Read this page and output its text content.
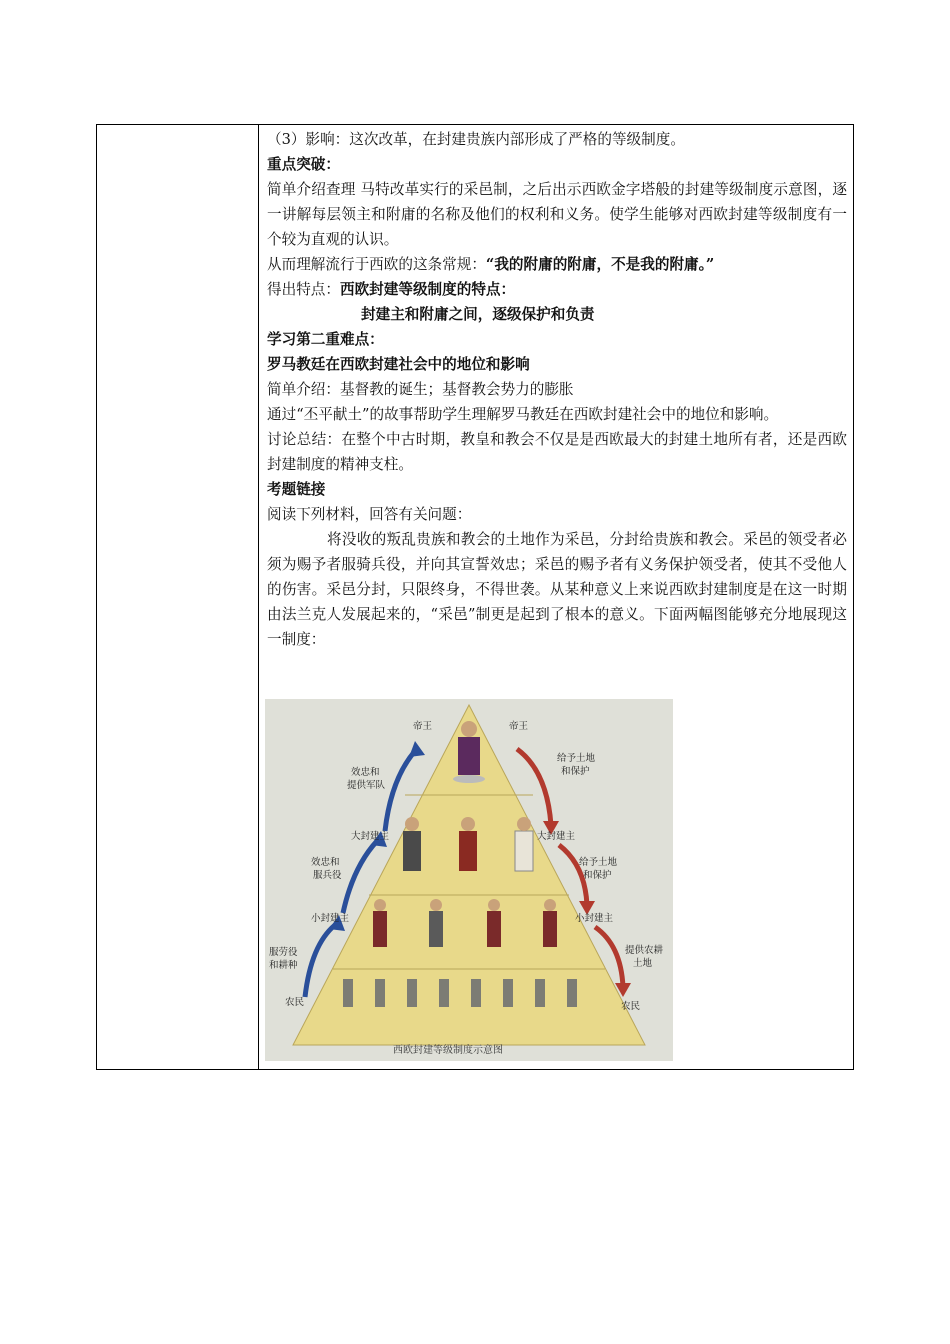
（3）影响：这次改革，在封建贵族内部形成了严格的等级制度。

重点突破：

简单介绍查理 马特改革实行的采邑制，之后出示西欧金字塔般的封建等级制度示意图，逐一讲解每层领主和附庸的名称及他们的权利和义务。使学生能够对西欧封建等级制度有一个较为直观的认识。

从而理解流行于西欧的这条常规：“我的附庸的附庸，不是我的附庸。”

得出特点：西欧封建等级制度的特点：

封建主和附庸之间，逐级保护和负责

学习第二重难点：

罗马教廷在西欧封建社会中的地位和影响

简单介绍：基督教的诞生；基督教会势力的膨胀

通过“丕平献土”的故事帮助学生理解罗马教廷在西欧封建社会中的地位和影响。

讨论总结：在整个中古时期，教皇和教会不仅是是西欧最大的封建土地所有者，还是西欧封建制度的精神支柱。

考题链接

阅读下列材料，回答有关问题：

将没收的叛乱贵族和教会的土地作为采邑，分封给贵族和教会。采邑的领受者必须为赐予者服骑兵役，并向其宣誓效忠；采邑的赐予者有义务保护领受者，使其不受他人的伤害。采邑分封，只限终身，不得世袭。从某种意义上来说西欧封建制度是在这一时期由法兰克人发展起来的，“采邑”制更是起到了根本的意义。下面两幅图能够充分地展现这一制度：

帝王	帝王
大封建主	大封建主
小封建主	小封建主
农民	农民
效忠和
提供军队
效忠和
服兵役
服劳役
和耕种
给予土地
和保护
给予土地
和保护
提供农耕
土地
西欧封建等级制度示意图
